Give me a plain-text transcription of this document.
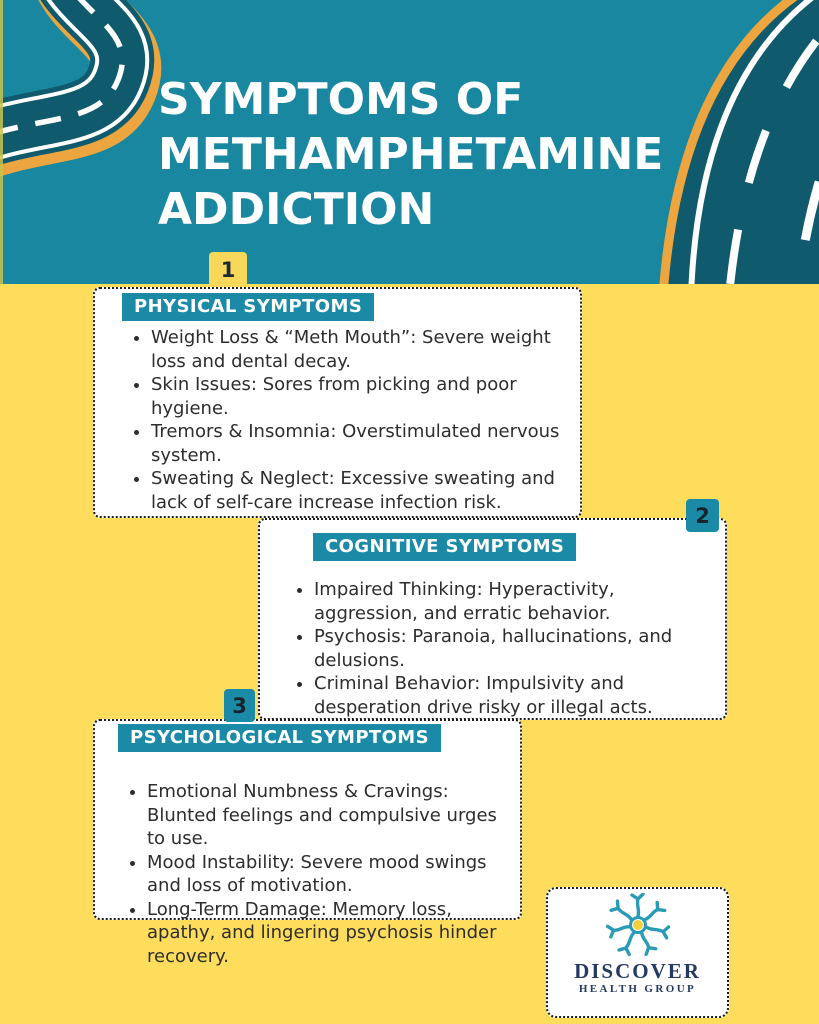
SYMPTOMS OF
METHAMPHETAMINE
ADDICTION
1
2
3
PHYSICAL SYMPTOMS
• Weight Loss & “Meth Mouth”: Severe weight loss and dental decay.
• Skin Issues: Sores from picking and poor hygiene.
• Tremors & Insomnia: Overstimulated nervous system.
• Sweating & Neglect: Excessive sweating and lack of self-care increase infection risk.
COGNITIVE SYMPTOMS
• Impaired Thinking: Hyperactivity, aggression, and erratic behavior.
• Psychosis: Paranoia, hallucinations, and delusions.
• Criminal Behavior: Impulsivity and desperation drive risky or illegal acts.
PSYCHOLOGICAL SYMPTOMS
• Emotional Numbness & Cravings: Blunted feelings and compulsive urges to use.
• Mood Instability: Severe mood swings and loss of motivation.
• Long-Term Damage: Memory loss, apathy, and lingering psychosis hinder recovery.
DISCOVER
HEALTH GROUP
